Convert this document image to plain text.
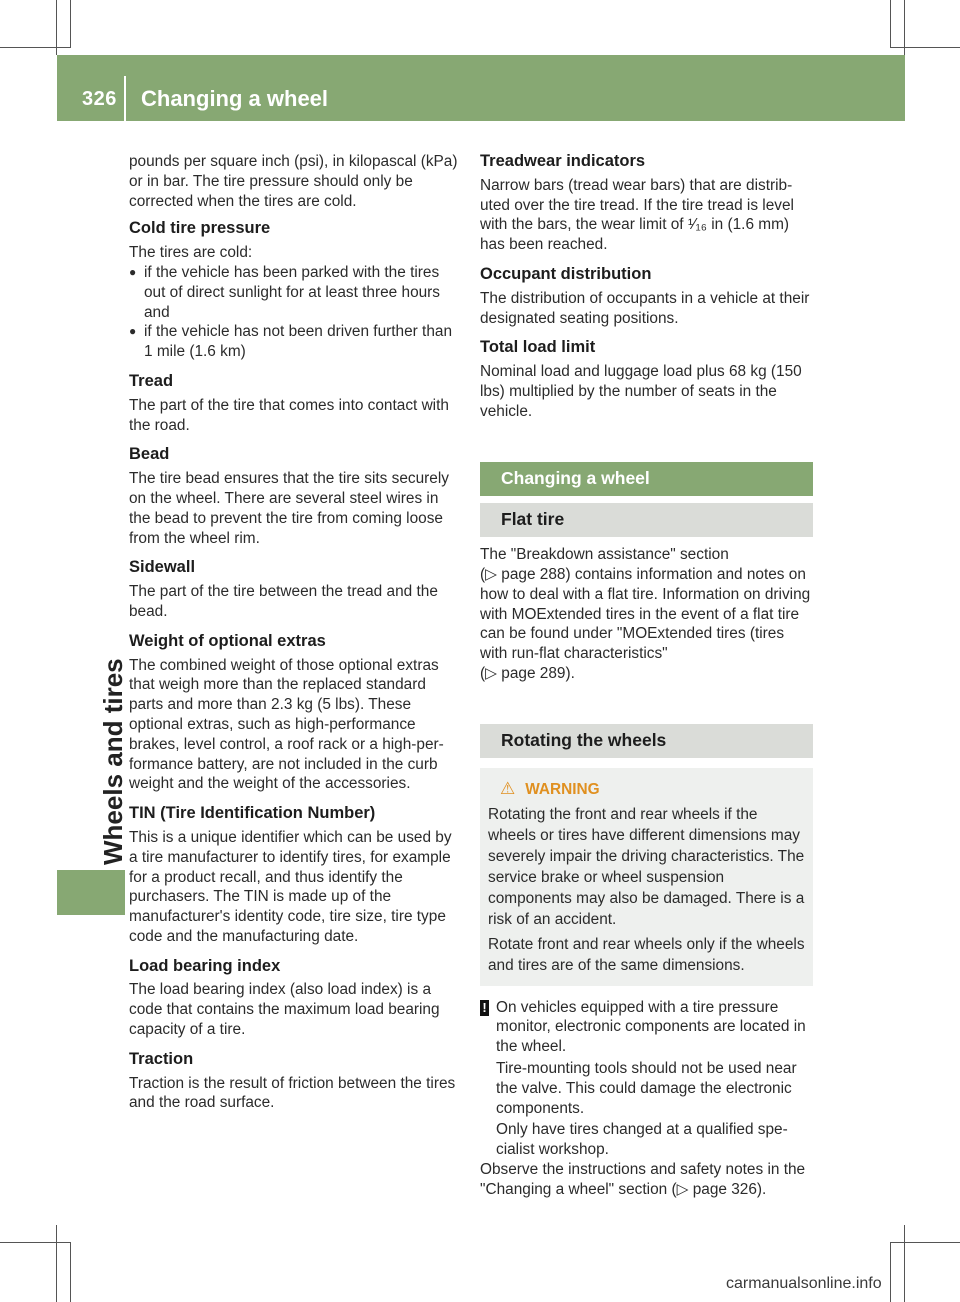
326 Changing a wheel
Wheels and tires

pounds per square inch (psi), in kilopascal (kPa) or in bar. The tire pressure should only be corrected when the tires are cold.

Cold tire pressure

The tires are cold:

● if the vehicle has been parked with the tires out of direct sunlight for at least three hours and
● if the vehicle has not been driven further than 1 mile (1.6 km)
Tread

The part of the tire that comes into contact with the road.

Bead

The tire bead ensures that the tire sits securely on the wheel. There are several steel wires in the bead to prevent the tire from coming loose from the wheel rim.

Sidewall

The part of the tire between the tread and the bead.

Weight of optional extras

The combined weight of those optional extras that weigh more than the replaced standard parts and more than 2.3 kg (5 lbs). These optional extras, such as high-performance brakes, level control, a roof rack or a high-performance battery, are not included in the curb weight and the weight of the accessories.

TIN (Tire Identification Number)

This is a unique identifier which can be used by a tire manufacturer to identify tires, for example for a product recall, and thus identify the purchasers. The TIN is made up of the manufacturer's identity code, tire size, tire type code and the manufacturing date.

Load bearing index

The load bearing index (also load index) is a code that contains the maximum load bearing capacity of a tire.

Traction

Traction is the result of friction between the tires and the road surface.

Treadwear indicators

Narrow bars (tread wear bars) that are distributed over the tire tread. If the tire tread is level with the bars, the wear limit of ¹⁄₁₆ in (1.6 mm) has been reached.

Occupant distribution

The distribution of occupants in a vehicle at their designated seating positions.

Total load limit

Nominal load and luggage load plus 68 kg (150 lbs) multiplied by the number of seats in the vehicle.

Changing a wheel
Flat tire

The "Breakdown assistance" section
(▷ page 288) contains information and notes on how to deal with a flat tire. Information on driving with MOExtended tires in the event of a flat tire can be found under "MOExtended tires (tires with run-flat characteristics"
(▷ page 289).

Rotating the wheels
⚠ WARNING

Rotating the front and rear wheels if the wheels or tires have different dimensions may severely impair the driving characteristics. The service brake or wheel suspension components may also be damaged. There is a risk of an accident.

Rotate front and rear wheels only if the wheels and tires are of the same dimensions.

! On vehicles equipped with a tire pressure monitor, electronic components are located in the wheel.

Tire-mounting tools should not be used near the valve. This could damage the electronic components.

Only have tires changed at a qualified specialist workshop.

Observe the instructions and safety notes in the "Changing a wheel" section (▷ page 326).

carmanualsonline.info
